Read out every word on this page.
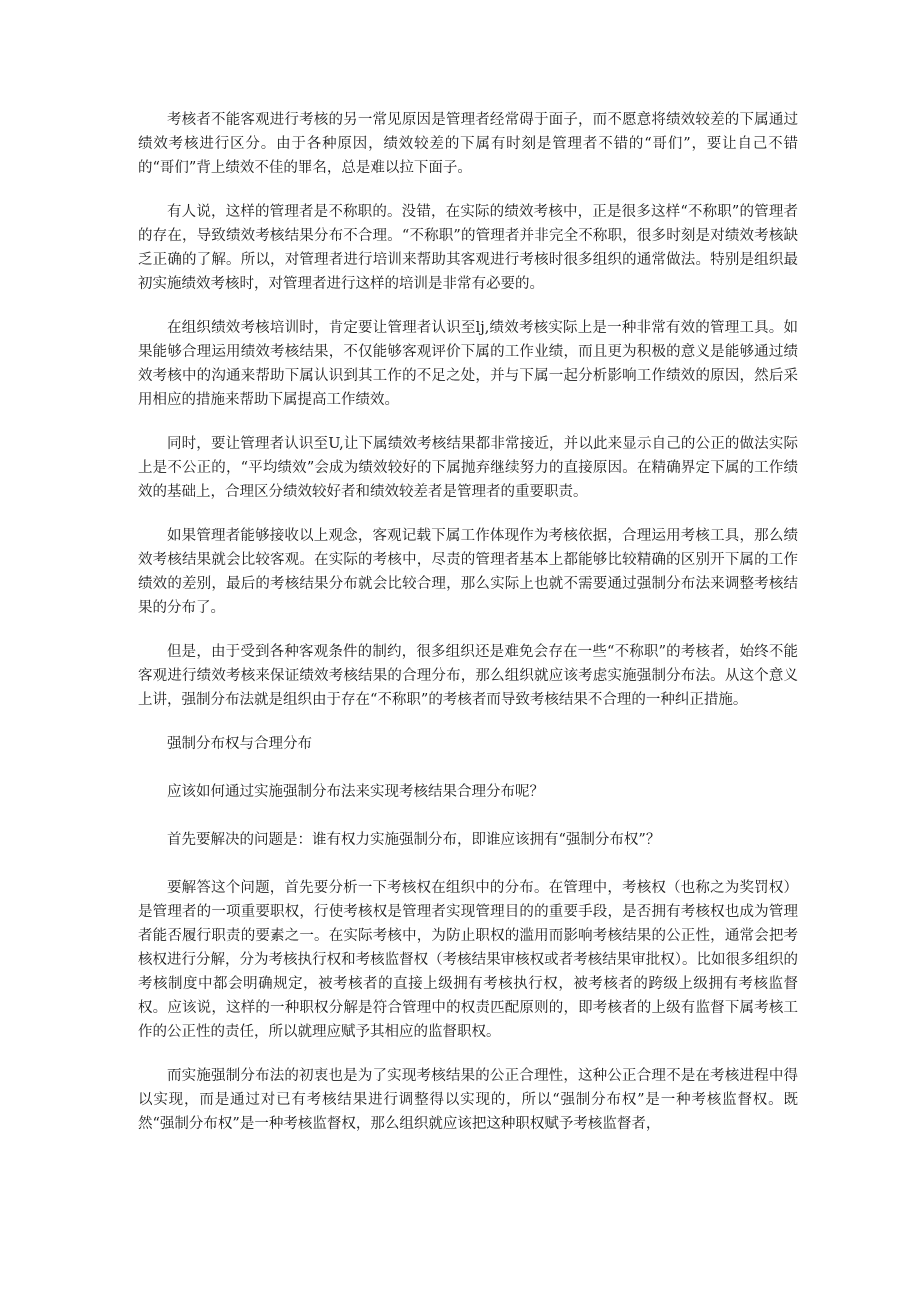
考核者不能客观进行考核的另一常见原因是管理者经常碍于面子，而不愿意将绩效较差的下属通过绩效考核进行区分。由于各种原因，绩效较差的下属有时刻是管理者不错的“哥们”，要让自己不错的“哥们”背上绩效不佳的罪名，总是难以拉下面子。

有人说，这样的管理者是不称职的。没错，在实际的绩效考核中，正是很多这样“不称职”的管理者的存在，导致绩效考核结果分布不合理。“不称职”的管理者并非完全不称职，很多时刻是对绩效考核缺乏正确的了解。所以，对管理者进行培训来帮助其客观进行考核时很多组织的通常做法。特别是组织最初实施绩效考核时，对管理者进行这样的培训是非常有必要的。

在组织绩效考核培训时，肯定要让管理者认识至lj,绩效考核实际上是一种非常有效的管理工具。如果能够合理运用绩效考核结果，不仅能够客观评价下属的工作业绩，而且更为积极的意义是能够通过绩效考核中的沟通来帮助下属认识到其工作的不足之处，并与下属一起分析影响工作绩效的原因，然后采用相应的措施来帮助下属提高工作绩效。

同时，要让管理者认识至U,让下属绩效考核结果都非常接近，并以此来显示自己的公正的做法实际上是不公正的，“平均绩效”会成为绩效较好的下属抛弃继续努力的直接原因。在精确界定下属的工作绩效的基础上，合理区分绩效较好者和绩效较差者是管理者的重要职责。

如果管理者能够接收以上观念，客观记载下属工作体现作为考核依据，合理运用考核工具，那么绩效考核结果就会比较客观。在实际的考核中，尽责的管理者基本上都能够比较精确的区别开下属的工作绩效的差别，最后的考核结果分布就会比较合理，那么实际上也就不需要通过强制分布法来调整考核结果的分布了。

但是，由于受到各种客观条件的制约，很多组织还是难免会存在一些“不称职”的考核者，始终不能客观进行绩效考核来保证绩效考核结果的合理分布，那么组织就应该考虑实施强制分布法。从这个意义上讲，强制分布法就是组织由于存在“不称职”的考核者而导致考核结果不合理的一种纠正措施。

强制分布权与合理分布

应该如何通过实施强制分布法来实现考核结果合理分布呢？

首先要解决的问题是：谁有权力实施强制分布，即谁应该拥有“强制分布权”？

要解答这个问题，首先要分析一下考核权在组织中的分布。在管理中，考核权（也称之为奖罚权）是管理者的一项重要职权，行使考核权是管理者实现管理目的的重要手段，是否拥有考核权也成为管理者能否履行职责的要素之一。在实际考核中，为防止职权的滥用而影响考核结果的公正性，通常会把考核权进行分解，分为考核执行权和考核监督权（考核结果审核权或者考核结果审批权）。比如很多组织的考核制度中都会明确规定，被考核者的直接上级拥有考核执行权，被考核者的跨级上级拥有考核监督权。应该说，这样的一种职权分解是符合管理中的权责匹配原则的，即考核者的上级有监督下属考核工作的公正性的责任，所以就理应赋予其相应的监督职权。

而实施强制分布法的初衷也是为了实现考核结果的公正合理性，这种公正合理不是在考核进程中得以实现，而是通过对已有考核结果进行调整得以实现的，所以“强制分布权”是一种考核监督权。既然“强制分布权”是一种考核监督权，那么组织就应该把这种职权赋予考核监督者，
